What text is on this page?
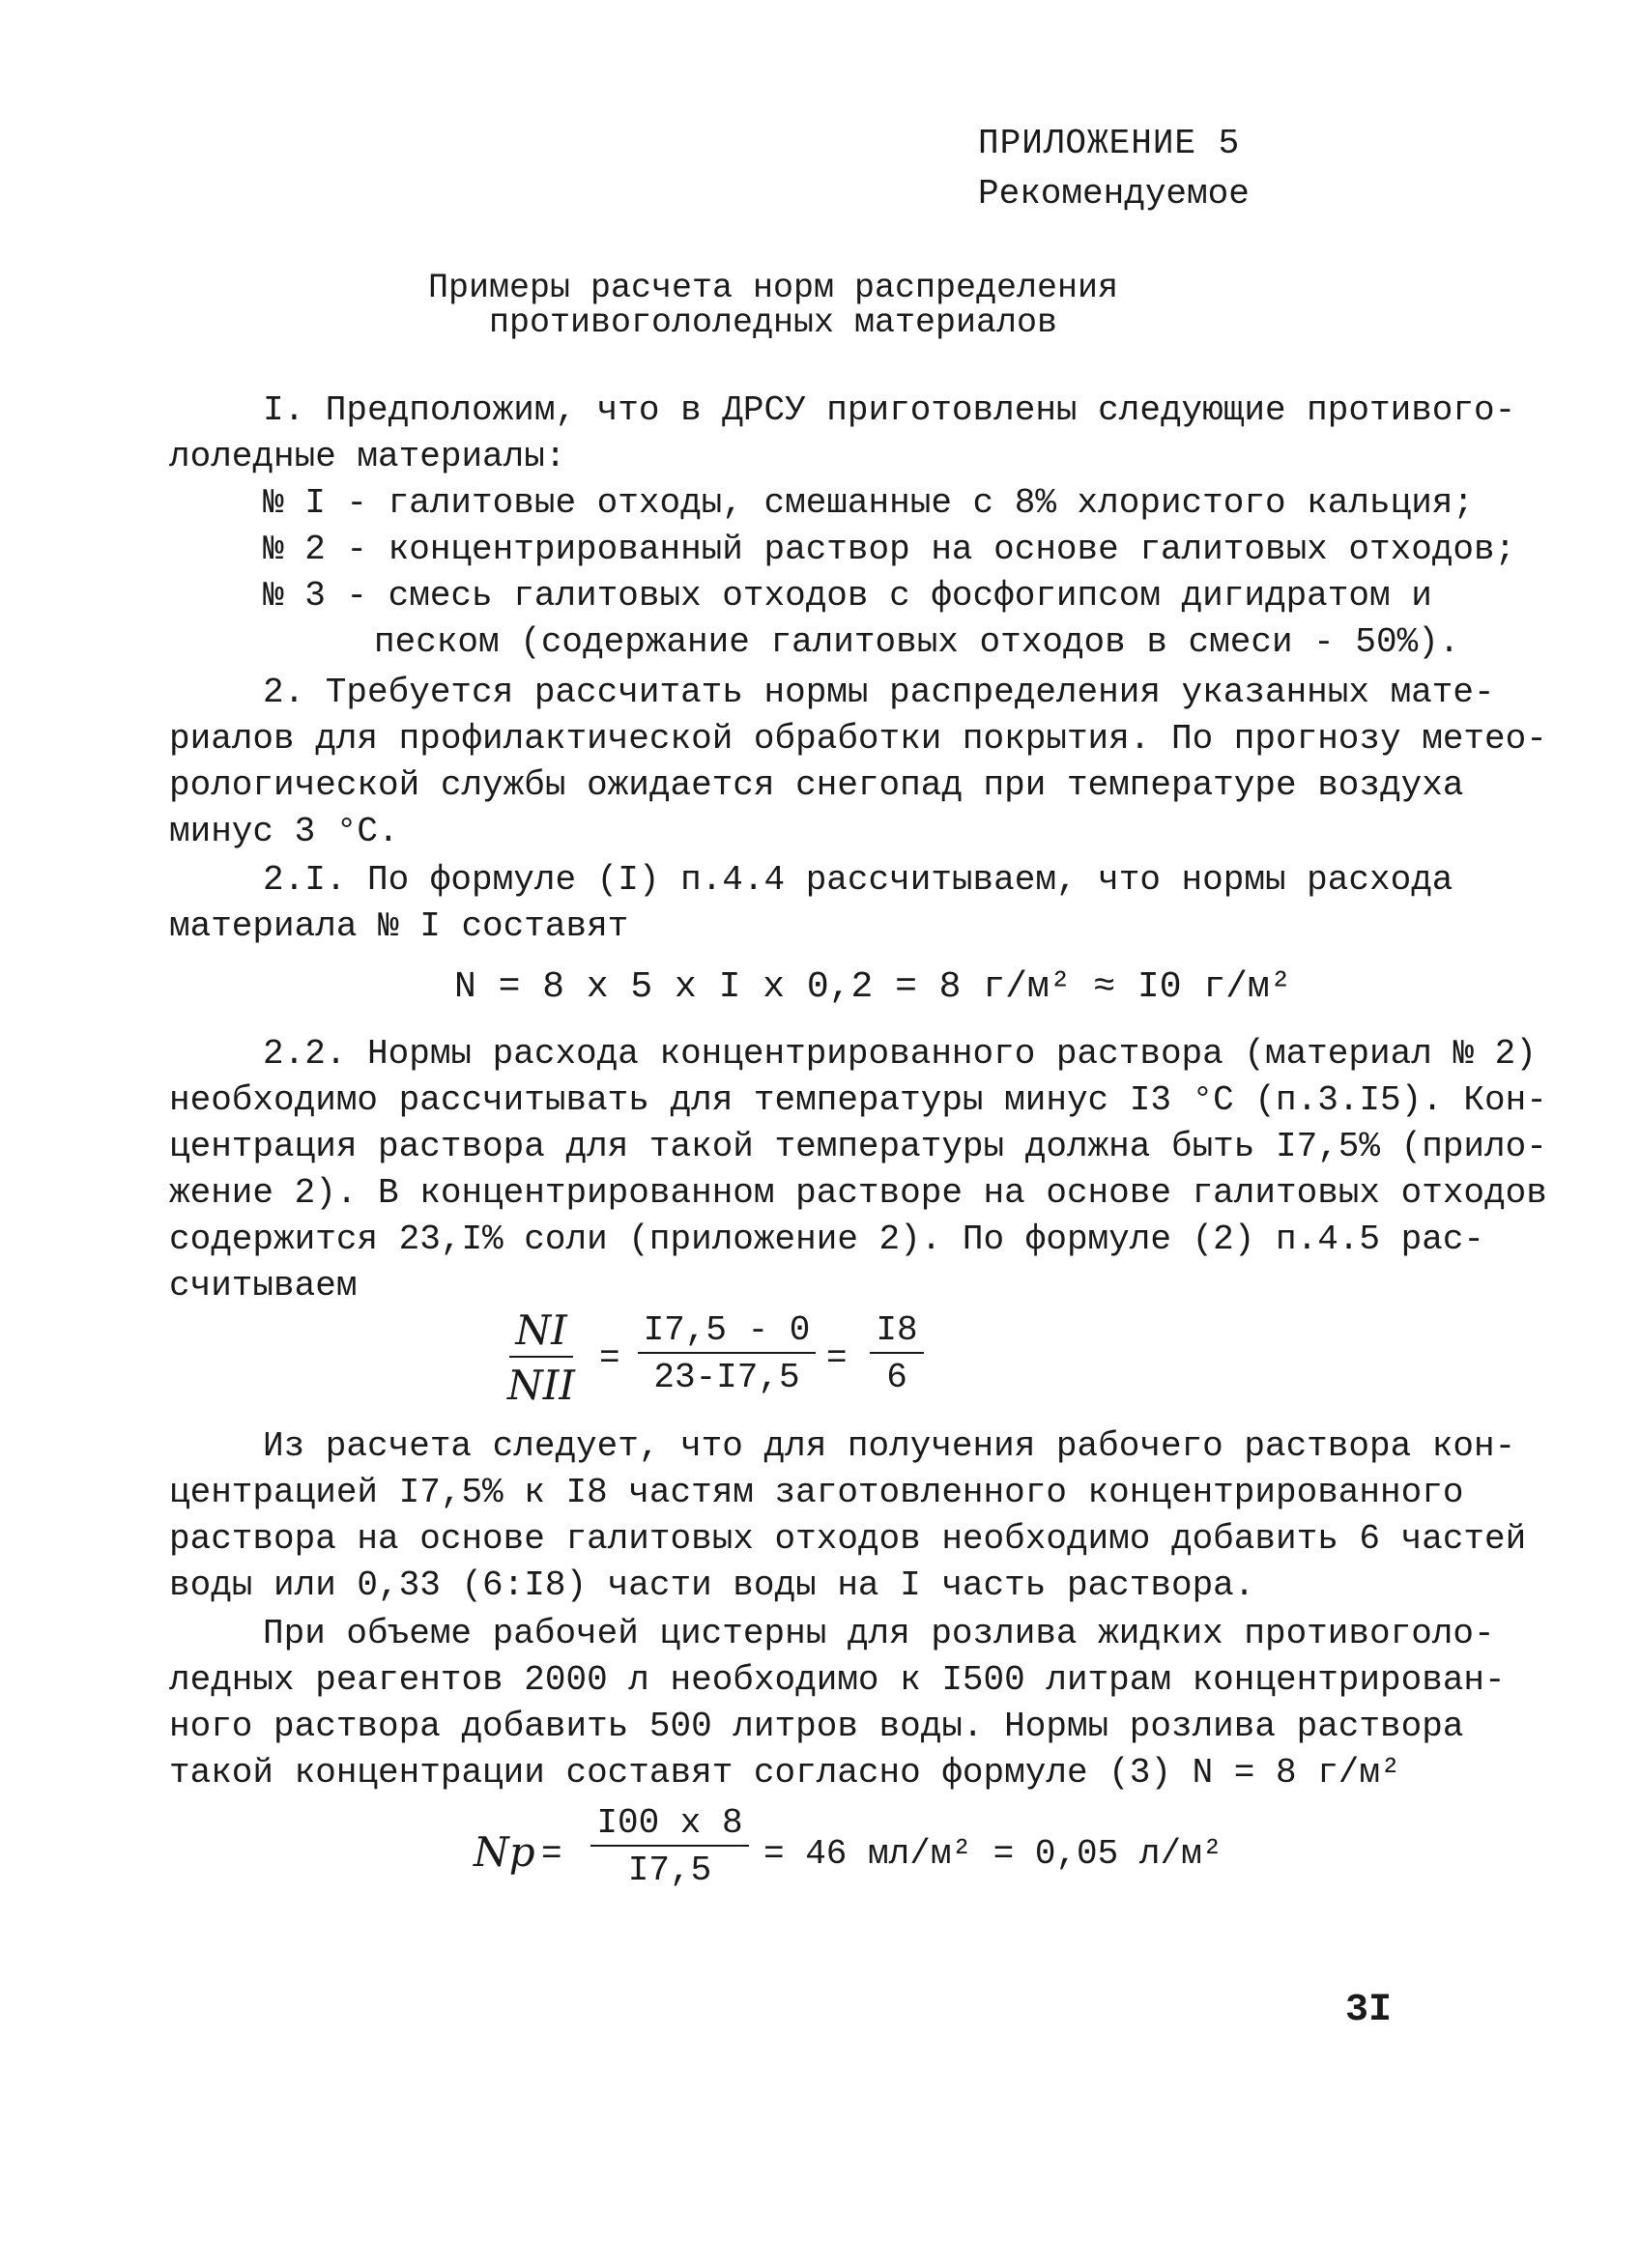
ПРИЛОЖЕНИЕ 5
Рекомендуемое
Примеры расчета норм распределения
противогололедных материалов
I. Предположим, что в ДРСУ приготовлены следующие противого-
лоледные материалы:
№ I - галитовые отходы, смешанные с 8% хлористого кальция;
№ 2 - концентрированный раствор на основе галитовых отходов;
№ 3 - смесь галитовых отходов с фосфогипсом дигидратом и
песком (содержание галитовых отходов в смеси - 50%).
2. Требуется рассчитать нормы распределения указанных мате-
риалов для профилактической обработки покрытия. По прогнозу метео-
рологической службы ожидается снегопад при температуре воздуха
минус 3 °С.
2.I. По формуле (I) п.4.4 рассчитываем, что нормы расхода
материала № I составят
N = 8 x 5 x I x 0,2 = 8 г/м² ≈ I0 г/м²
2.2. Нормы расхода концентрированного раствора (материал № 2)
необходимо рассчитывать для температуры минус I3 °С (п.3.I5). Кон-
центрация раствора для такой температуры должна быть I7,5% (прило-
жение 2). В концентрированном растворе на основе галитовых отходов
содержится 23,I% соли (приложение 2). По формуле (2) п.4.5 рас-
считываем
NI
NII
= $\frac{I7,5 - 0}{23-I7,5} = \frac{I8}{6}$
Из расчета следует, что для получения рабочего раствора кон-
центрацией I7,5% к I8 частям заготовленного концентрированного
раствора на основе галитовых отходов необходимо добавить 6 частей
воды или 0,33 (6:I8) части воды на I часть раствора.
При объеме рабочей цистерны для розлива жидких противоголо-
ледных реагентов 2000 л необходимо к I500 литрам концентрирован-
ного раствора добавить 500 литров воды. Нормы розлива раствора
такой концентрации составят согласно формуле (3) N = 8 г/м²
$Np = \frac{I00 x 8}{I7,5} = 46$ мл/м² = 0,05 л/м²
3I
